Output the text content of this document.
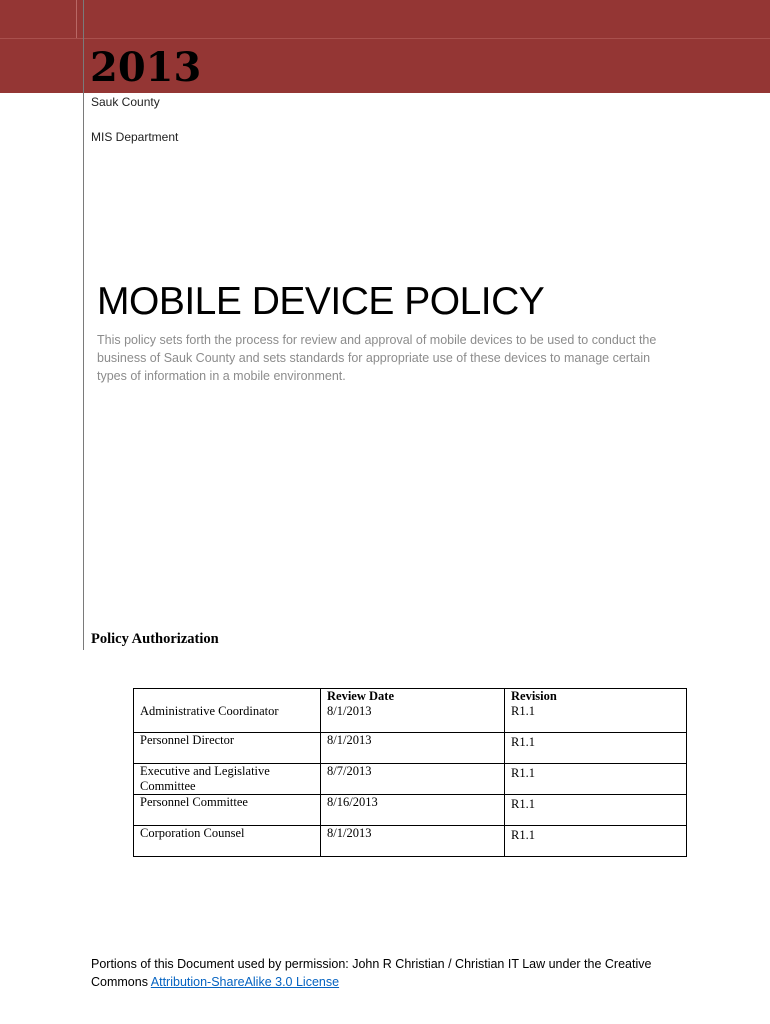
2013
Sauk County
MIS Department
MOBILE DEVICE POLICY
This policy sets forth the process for review and approval of mobile devices to be used to conduct the business of Sauk County and sets standards for appropriate use of these devices to manage certain types of information in a mobile environment.
Policy Authorization
	Review Date	Revision
Administrative Coordinator	8/1/2013	R1.1
Personnel Director	8/1/2013	R1.1
Executive and Legislative Committee	8/7/2013	R1.1
Personnel Committee	8/16/2013	R1.1
Corporation Counsel	8/1/2013	R1.1
Portions of this Document used by permission: John R Christian / Christian IT Law under the Creative
Commons Attribution-ShareAlike 3.0 License
